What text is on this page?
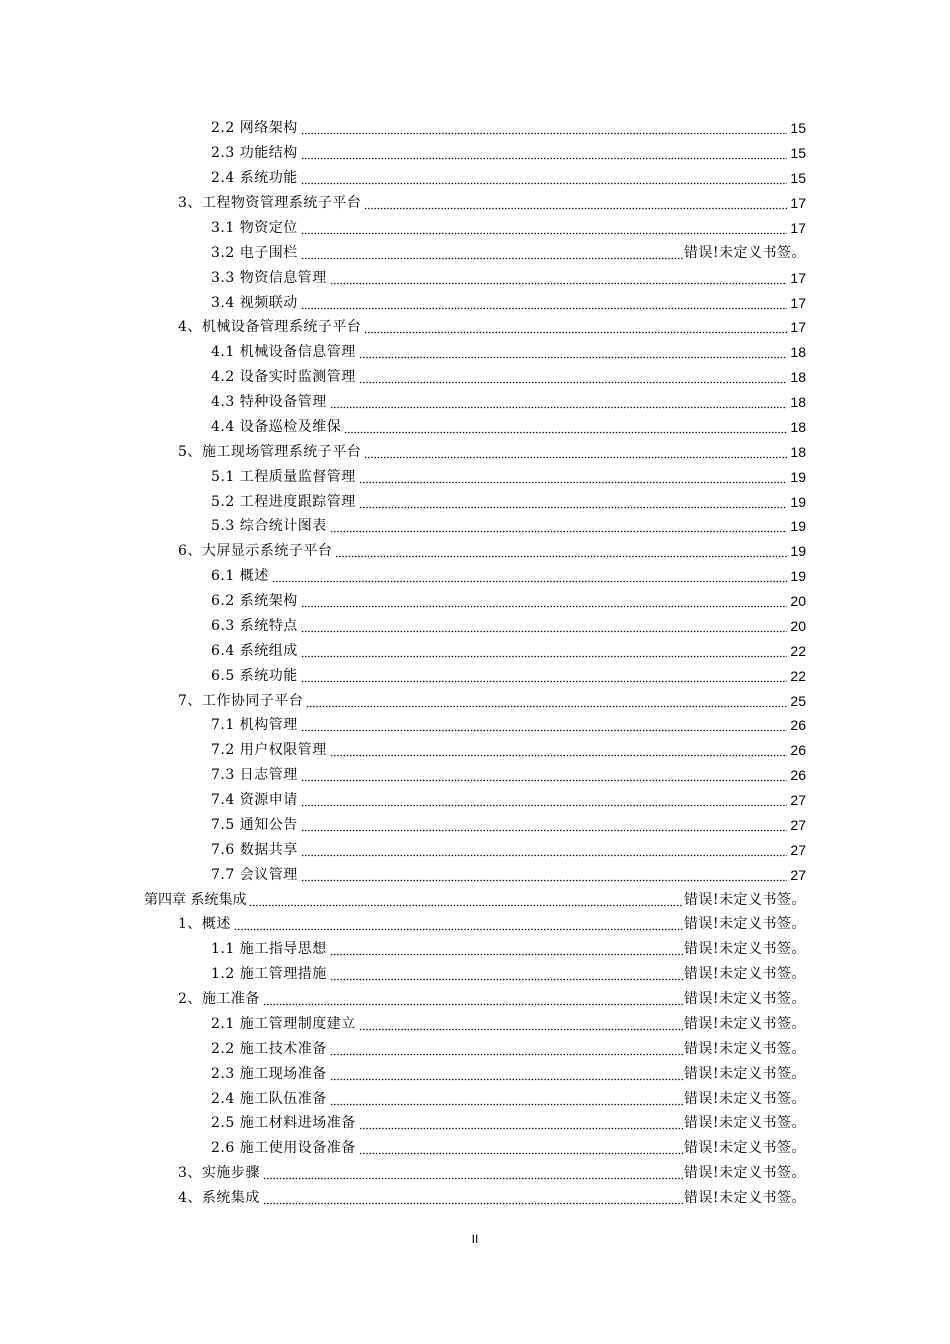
2.2 网络架构	15
2.3 功能结构	15
2.4 系统功能	15
3、工程物资管理系统子平台	17
3.1 物资定位	17
3.2 电子围栏	错误!未定义书签。
3.3 物资信息管理	17
3.4 视频联动	17
4、机械设备管理系统子平台	17
4.1 机械设备信息管理	18
4.2 设备实时监测管理	18
4.3 特种设备管理	18
4.4 设备巡检及维保	18
5、施工现场管理系统子平台	18
5.1 工程质量监督管理	19
5.2 工程进度跟踪管理	19
5.3 综合统计图表	19
6、大屏显示系统子平台	19
6.1 概述	19
6.2 系统架构	20
6.3 系统特点	20
6.4 系统组成	22
6.5 系统功能	22
7、工作协同子平台	25
7.1 机构管理	26
7.2 用户权限管理	26
7.3 日志管理	26
7.4 资源申请	27
7.5 通知公告	27
7.6 数据共享	27
7.7 会议管理	27
第四章 系统集成	错误!未定义书签。
1、概述	错误!未定义书签。
1.1 施工指导思想	错误!未定义书签。
1.2 施工管理措施	错误!未定义书签。
2、施工准备	错误!未定义书签。
2.1 施工管理制度建立	错误!未定义书签。
2.2 施工技术准备	错误!未定义书签。
2.3 施工现场准备	错误!未定义书签。
2.4 施工队伍准备	错误!未定义书签。
2.5 施工材料进场准备	错误!未定义书签。
2.6 施工使用设备准备	错误!未定义书签。
3、实施步骤	错误!未定义书签。
4、系统集成	错误!未定义书签。
II
